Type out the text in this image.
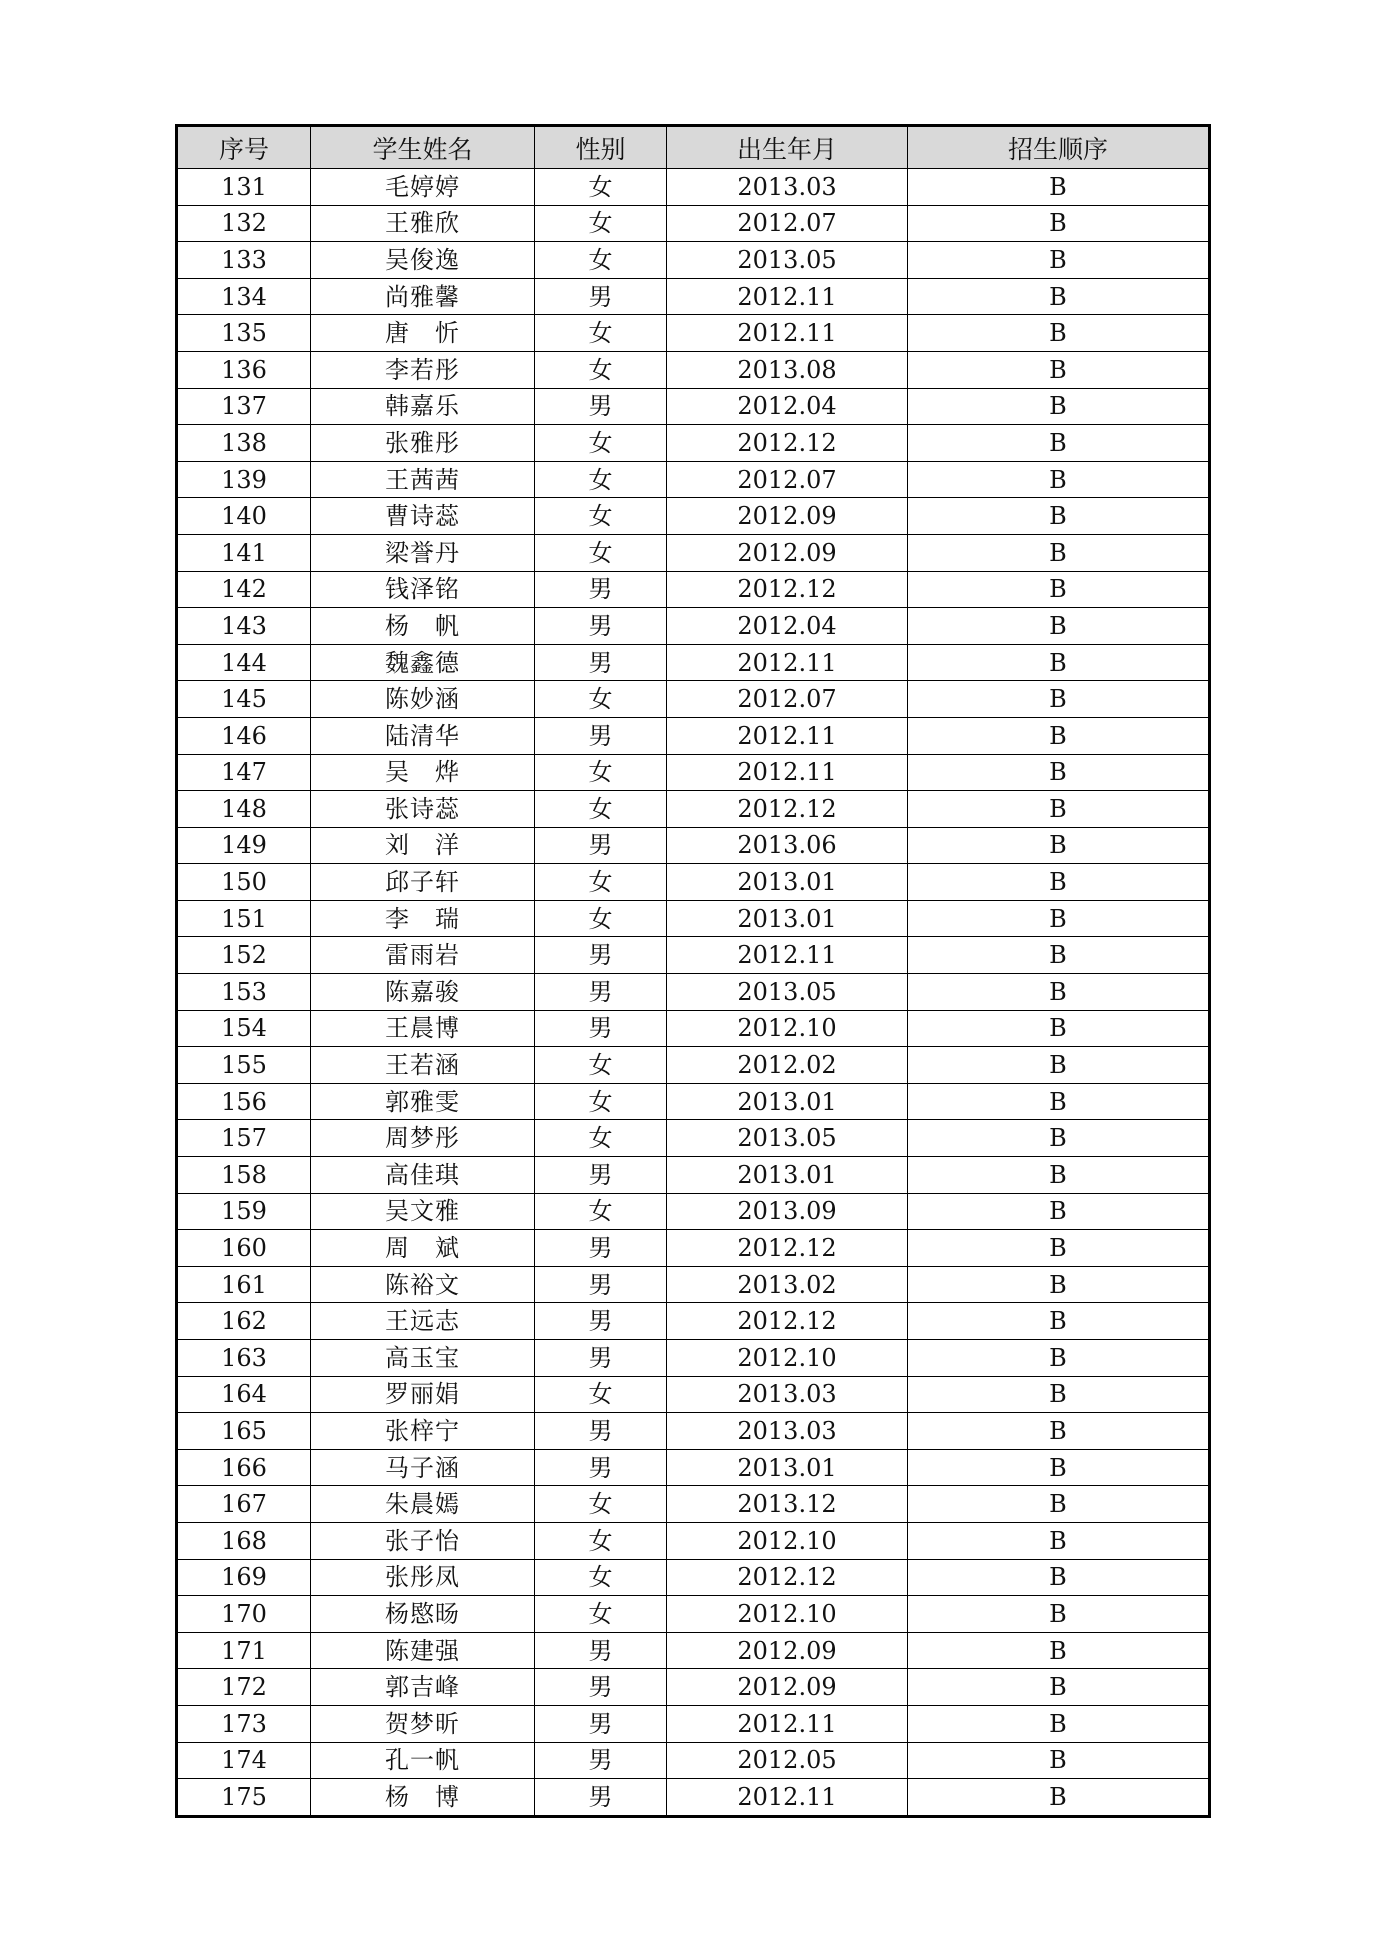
序号	学生姓名	性别	出生年月	招生顺序
131	毛婷婷	女	2013.03	B
132	王雅欣	女	2012.07	B
133	吴俊逸	女	2013.05	B
134	尚雅馨	男	2012.11	B
135	唐　忻	女	2012.11	B
136	李若彤	女	2013.08	B
137	韩嘉乐	男	2012.04	B
138	张雅彤	女	2012.12	B
139	王茜茜	女	2012.07	B
140	曹诗蕊	女	2012.09	B
141	梁誉丹	女	2012.09	B
142	钱泽铭	男	2012.12	B
143	杨　帆	男	2012.04	B
144	魏鑫德	男	2012.11	B
145	陈妙涵	女	2012.07	B
146	陆清华	男	2012.11	B
147	吴　烨	女	2012.11	B
148	张诗蕊	女	2012.12	B
149	刘　洋	男	2013.06	B
150	邱子轩	女	2013.01	B
151	李　瑞	女	2013.01	B
152	雷雨岩	男	2012.11	B
153	陈嘉骏	男	2013.05	B
154	王晨博	男	2012.10	B
155	王若涵	女	2012.02	B
156	郭雅雯	女	2013.01	B
157	周梦彤	女	2013.05	B
158	高佳琪	男	2013.01	B
159	吴文雅	女	2013.09	B
160	周　斌	男	2012.12	B
161	陈裕文	男	2013.02	B
162	王远志	男	2012.12	B
163	高玉宝	男	2012.10	B
164	罗丽娟	女	2013.03	B
165	张梓宁	男	2013.03	B
166	马子涵	男	2013.01	B
167	朱晨嫣	女	2013.12	B
168	张子怡	女	2012.10	B
169	张彤凤	女	2012.12	B
170	杨愍旸	女	2012.10	B
171	陈建强	男	2012.09	B
172	郭吉峰	男	2012.09	B
173	贺梦昕	男	2012.11	B
174	孔一帆	男	2012.05	B
175	杨　博	男	2012.11	B
